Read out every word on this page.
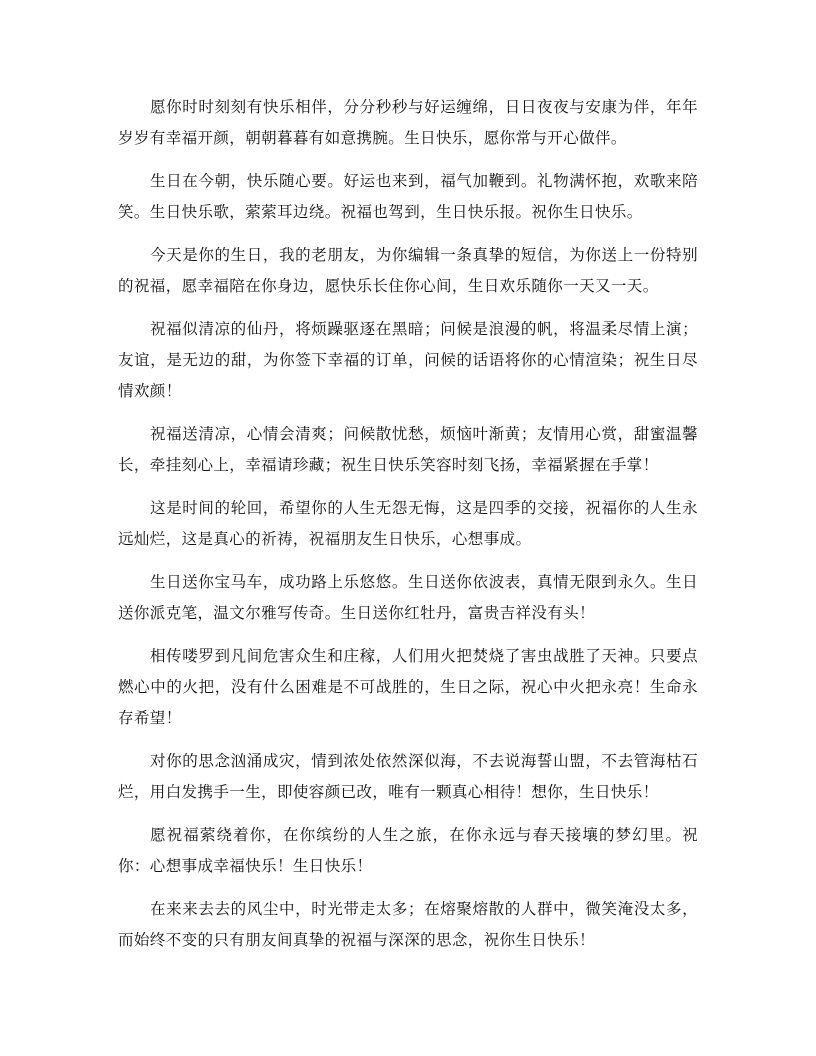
愿你时时刻刻有快乐相伴，分分秒秒与好运缠绵，日日夜夜与安康为伴，年年岁岁有幸福开颜，朝朝暮暮有如意携腕。生日快乐，愿你常与开心做伴。

生日在今朝，快乐随心要。好运也来到，福气加鞭到。礼物满怀抱，欢歌来陪笑。生日快乐歌，萦萦耳边绕。祝福也驾到，生日快乐报。祝你生日快乐。

今天是你的生日，我的老朋友，为你编辑一条真挚的短信，为你送上一份特别的祝福，愿幸福陪在你身边，愿快乐长住你心间，生日欢乐随你一天又一天。

祝福似清凉的仙丹，将烦躁驱逐在黑暗；问候是浪漫的帆，将温柔尽情上演；友谊，是无边的甜，为你签下幸福的订单，问候的话语将你的心情渲染；祝生日尽情欢颜！

祝福送清凉，心情会清爽；问候散忧愁，烦恼叶渐黄；友情用心赏，甜蜜温馨长，牵挂刻心上，幸福请珍藏；祝生日快乐笑容时刻飞扬，幸福紧握在手掌！

这是时间的轮回，希望你的人生无怨无悔，这是四季的交接，祝福你的人生永远灿烂，这是真心的祈祷，祝福朋友生日快乐，心想事成。

生日送你宝马车，成功路上乐悠悠。生日送你依波表，真情无限到永久。生日送你派克笔，温文尔雅写传奇。生日送你红牡丹，富贵吉祥没有头！

相传喽罗到凡间危害众生和庄稼，人们用火把焚烧了害虫战胜了天神。只要点燃心中的火把，没有什么困难是不可战胜的，生日之际，祝心中火把永亮！生命永存希望！

对你的思念汹涌成灾，情到浓处依然深似海，不去说海誓山盟，不去管海枯石烂，用白发携手一生，即使容颜已改，唯有一颗真心相待！想你，生日快乐！

愿祝福萦绕着你，在你缤纷的人生之旅，在你永远与春天接壤的梦幻里。祝你：心想事成幸福快乐！生日快乐！

在来来去去的风尘中，时光带走太多；在熔聚熔散的人群中，微笑淹没太多，而始终不变的只有朋友间真挚的祝福与深深的思念，祝你生日快乐！
